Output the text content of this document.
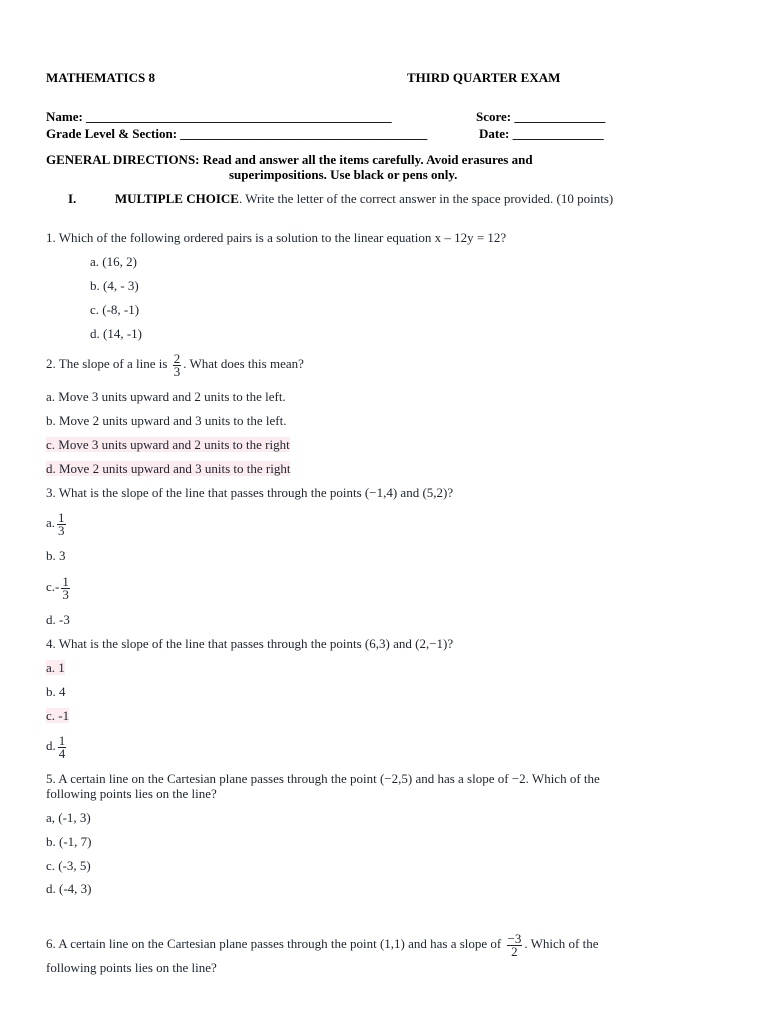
MATHEMATICS 8	THIRD QUARTER EXAM
Name: _______________________________________________	Score: ______________
Grade Level & Section: ______________________________________	Date: ______________
GENERAL DIRECTIONS: Read and answer all the items carefully. Avoid erasures and
superimpositions. Use black or pens only.
I.	MULTIPLE CHOICE. Write the letter of the correct answer in the space provided. (10 points)
1. Which of the following ordered pairs is a solution to the linear equation x – 12y = 12?
a. (16, 2)
b. (4, - 3)
c. (-8, -1)
d. (14, -1)
2. The slope of a line is $\frac{2}{3}$ . What does this mean?
a. Move 3 units upward and 2 units to the left.
b. Move 2 units upward and 3 units to the left.
c. Move 3 units upward and 2 units to the right
d. Move 2 units upward and 3 units to the right
3. What is the slope of the line that passes through the points (−1,4) and (5,2)?
a. $\frac{1}{3}$
b. 3
$c.- \frac{1}{3}$
d. -3
4. What is the slope of the line that passes through the points (6,3) and (2,−1)?
a. 1
b. 4
c. -1
d. $\frac{1}{4}$
5. A certain line on the Cartesian plane passes through the point (−2,5) and has a slope of −2. Which of the
following points lies on the line?
a, (-1, 3)
b. (-1, 7)
c. (-3, 5)
d. (-4, 3)
6. A certain line on the Cartesian plane passes through the point (1,1) and has a slope of $\frac{-3}{2}$ . Which of the
following points lies on the line?
